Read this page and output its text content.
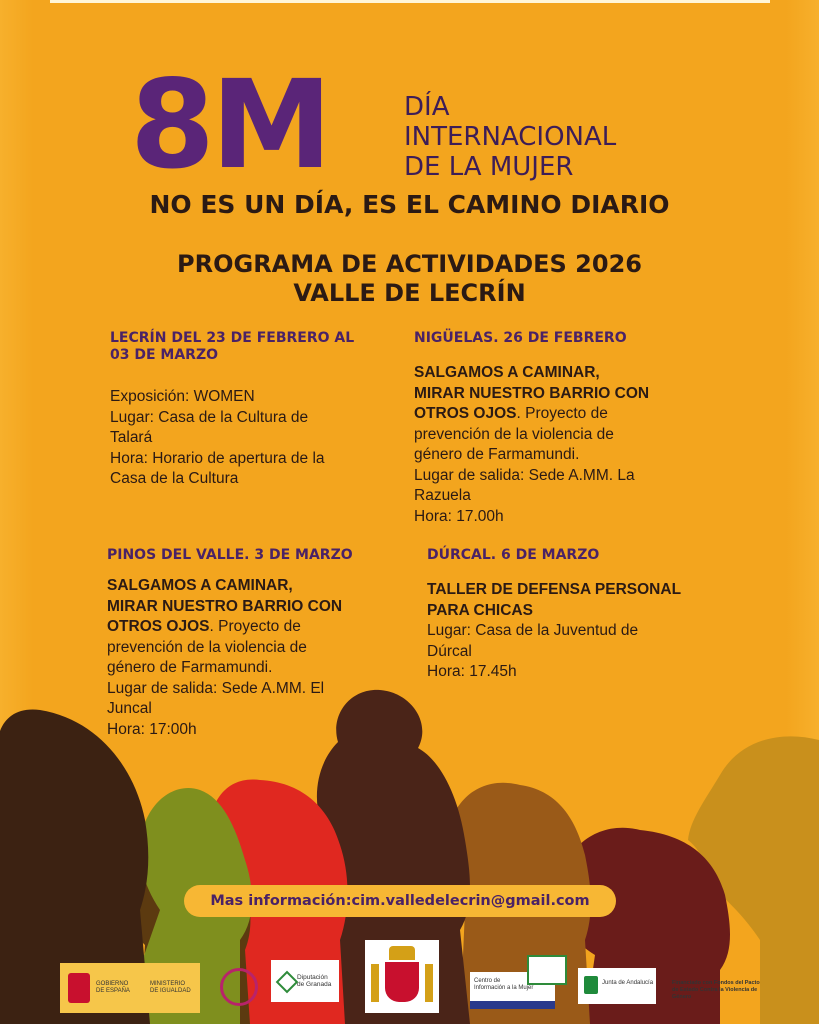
8M	DÍA
INTERNACIONAL
DE LA MUJER
NO ES UN DÍA, ES EL CAMINO DIARIO
PROGRAMA DE ACTIVIDADES 2026
VALLE DE LECRÍN
LECRÍN DEL 23 DE FEBRERO AL
03 DE MARZO
Exposición: WOMEN
Lugar: Casa de la Cultura de
Talará
Hora: Horario de apertura de la
Casa de la Cultura
NIGÜELAS. 26 DE FEBRERO
SALGAMOS A CAMINAR,
MIRAR NUESTRO BARRIO CON
OTROS OJOS. Proyecto de
prevención de la violencia de
género de Farmamundi.
Lugar de salida: Sede A.MM. La
Razuela
Hora: 17.00h
PINOS DEL VALLE. 3 DE MARZO
SALGAMOS A CAMINAR,
MIRAR NUESTRO BARRIO CON
OTROS OJOS. Proyecto de
prevención de la violencia de
género de Farmamundi.
Lugar de salida: Sede A.MM. El
Juncal
Hora: 17:00h
DÚRCAL. 6 DE MARZO
TALLER DE DEFENSA PERSONAL
PARA CHICAS
Lugar: Casa de la Juventud de
Dúrcal
Hora: 17.45h
Mas información:cim.valledelecrin@gmail.com
GOBIERNO
DE ESPAÑA
MINISTERIO
DE IGUALDAD
Diputación
de Granada	Centro de
Información a la Mujer
Junta de Andalucía	Financiado con Fondos del Pacto
de Estado Contra la Violencia de Género
